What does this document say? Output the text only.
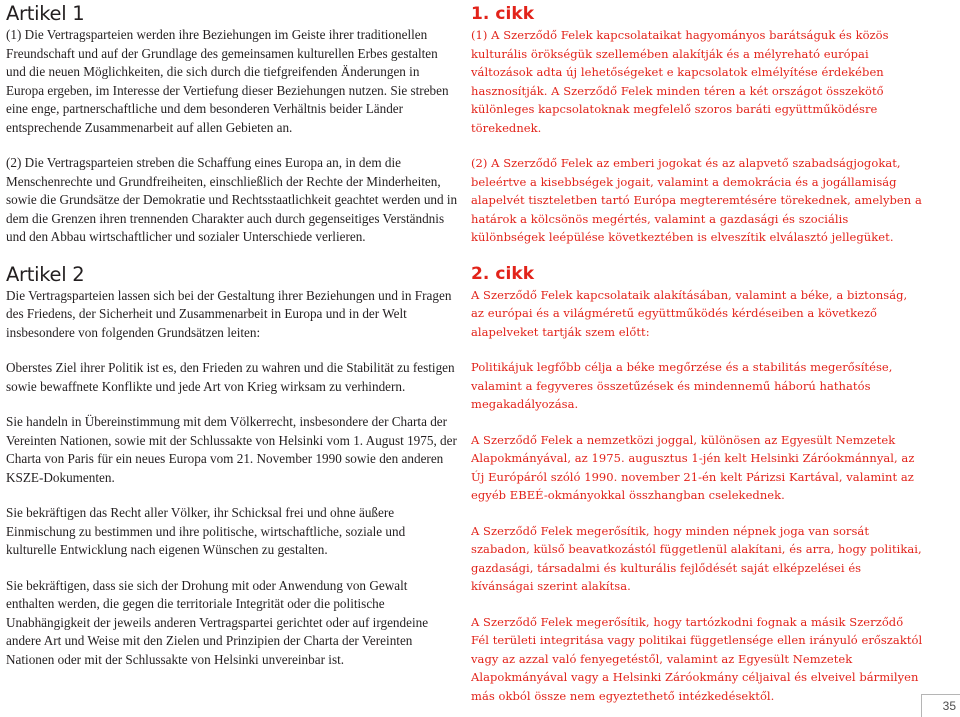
Artikel 1

(1) Die Vertragsparteien werden ihre Beziehungen im Geiste ihrer traditionellen Freundschaft und auf der Grundlage des gemeinsamen kulturellen Erbes gestalten und die neuen Möglichkeiten, die sich durch die tiefgreifenden Änderungen in Europa ergeben, im Interesse der Vertiefung dieser Beziehungen nutzen. Sie streben eine enge, partnerschaftliche und dem besonderen Verhältnis beider Länder entsprechende Zusammenarbeit auf allen Gebieten an.

(2) Die Vertragsparteien streben die Schaffung eines Europa an, in dem die Menschenrechte und Grundfreiheiten, einschließlich der Rechte der Minderheiten, sowie die Grundsätze der Demokratie und Rechtsstaatlichkeit geachtet werden und in dem die Grenzen ihren trennenden Charakter auch durch gegenseitiges Verständnis und den Abbau wirtschaftlicher und sozialer Unterschiede verlieren.

Artikel 2

Die Vertragsparteien lassen sich bei der Gestaltung ihrer Beziehungen und in Fragen des Friedens, der Sicherheit und Zusammenarbeit in Europa und in der Welt insbesondere von folgenden Grundsätzen leiten:

Oberstes Ziel ihrer Politik ist es, den Frieden zu wahren und die Stabilität zu festigen sowie bewaffnete Konflikte und jede Art von Krieg wirksam zu verhindern.

Sie handeln in Übereinstimmung mit dem Völkerrecht, insbesondere der Charta der Vereinten Nationen, sowie mit der Schlussakte von Helsinki vom 1. August 1975, der Charta von Paris für ein neues Europa vom 21. November 1990 sowie den anderen KSZE-Dokumenten.

Sie bekräftigen das Recht aller Völker, ihr Schicksal frei und ohne äußere Einmischung zu bestimmen und ihre politische, wirtschaftliche, soziale und kulturelle Entwicklung nach eigenen Wünschen zu gestalten.

Sie bekräftigen, dass sie sich der Drohung mit oder Anwendung von Gewalt enthalten werden, die gegen die territoriale Integrität oder die politische Unabhängigkeit der jeweils anderen Vertragspartei gerichtet oder auf irgendeine andere Art und Weise mit den Zielen und Prinzipien der Charta der Vereinten Nationen oder mit der Schlussakte von Helsinki unvereinbar ist.

1. cikk

(1) A Szerződő Felek kapcsolataikat hagyományos barátságuk és közös kulturális örökségük szellemében alakítják és a mélyreható európai változások adta új lehetőségeket e kapcsolatok elmélyítése érdekében hasznosítják. A Szerződő Felek minden téren a két országot összekötő különleges kapcsolatoknak megfelelő szoros baráti együttműködésre törekednek.

(2) A Szerződő Felek az emberi jogokat és az alapvető szabadságjogokat, beleértve a kisebbségek jogait, valamint a demokrácia és a jogállamiság alapelvét tiszteletben tartó Európa megteremtésére törekednek, amelyben a határok a kölcsönös megértés, valamint a gazdasági és szociális különbségek leépülése következtében is elveszítik elválasztó jellegüket.

2. cikk

A Szerződő Felek kapcsolataik alakításában, valamint a béke, a biztonság, az európai és a világméretű együttműködés kérdéseiben a következő alapelveket tartják szem előtt:

Politikájuk legfőbb célja a béke megőrzése és a stabilitás megerősítése, valamint a fegyveres összetűzések és mindennemű háború hathatós megakadályozása.

A Szerződő Felek a nemzetközi joggal, különösen az Egyesült Nemzetek Alapokmányával, az 1975. augusztus 1-jén kelt Helsinki Záróokmánnyal, az Új Európáról szóló 1990. november 21-én kelt Párizsi Kartával, valamint az egyéb EBEÉ-okmányokkal összhangban cselekednek.

A Szerződő Felek megerősítik, hogy minden népnek joga van sorsát szabadon, külső beavatkozástól függetlenül alakítani, és arra, hogy politikai, gazdasági, társadalmi és kulturális fejlődését saját elképzelései és kívánságai szerint alakítsa.

A Szerződő Felek megerősítik, hogy tartózkodni fognak a másik Szerződő Fél területi integritása vagy politikai függetlensége ellen irányuló erőszaktól vagy az azzal való fenyegetéstől, valamint az Egyesült Nemzetek Alapokmányával vagy a Helsinki Záróokmány céljaival és elveivel bármilyen más okból össze nem egyeztethető intézkedésektől.

35
